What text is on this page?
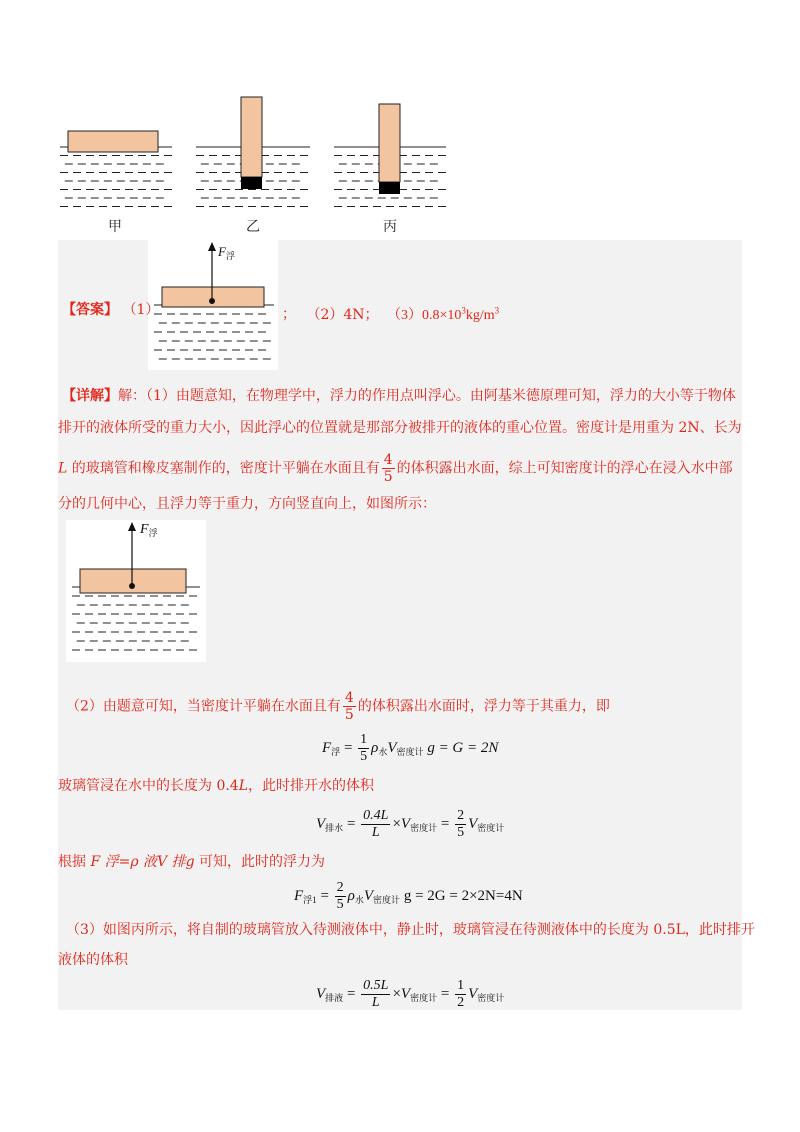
甲	乙	丙
$F_浮$
【答案】 （1）	； （2）4N； $(3)0.8\times 10^3kg/m^3$
【详解】解：（1）由题意知，在物理学中，浮力的作用点叫浮心。由阿基米德原理可知，浮力的大小等于物体
排开的液体所受的重力大小，因此浮心的位置就是那部分被排开的液体的重心位置。密度计是用重为 2N、长为
L 的玻璃管和橡皮塞制作的，密度计平躺在水面且有 $\frac{4}{5}$ 的体积露出水面，综上可知密度计的浮心在浸入水中部
分的几何中心，且浮力等于重力，方向竖直向上，如图所示：
$F_浮$
（2）由题意可知，当密度计平躺在水面且有 $\frac{4}{5}$ 的体积露出水面时，浮力等于其重力，即
$F_浮 = \frac{1}{5} \rho_水V_{密度计}$ g = G = 2N
玻璃管浸在水中的长度为 0.4L，此时排开水的体积
$V_{排水} = \frac{0.4L}{L} \times V_{密度计} = \frac{2}{5} V_{密度计}$
根据 F 浮=ρ 液V 排g 可知，此时的浮力为
$F_{浮1} = \frac{2}{5} \rho_水V_{密度计}$ g = 2G = 2×2N=4N
（3）如图丙所示，将自制的玻璃管放入待测液体中，静止时，玻璃管浸在待测液体中的长度为 0.5L，此时排开
液体的体积
$V_{排液} = \frac{0.5L}{L} \times V_{密度计} = \frac{1}{2} V_{密度计}$
